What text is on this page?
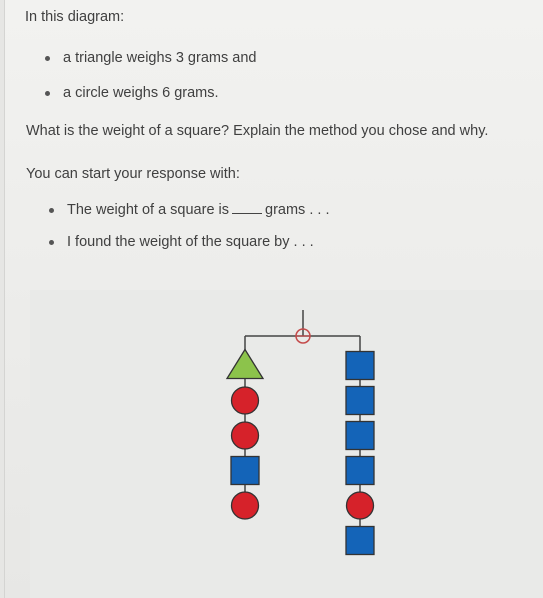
In this diagram:
a triangle weighs 3 grams and
a circle weighs 6 grams.
What is the weight of a square? Explain the method you chose and why.
You can start your response with:
The weight of a square is grams . . .
I found the weight of the square by . . .
